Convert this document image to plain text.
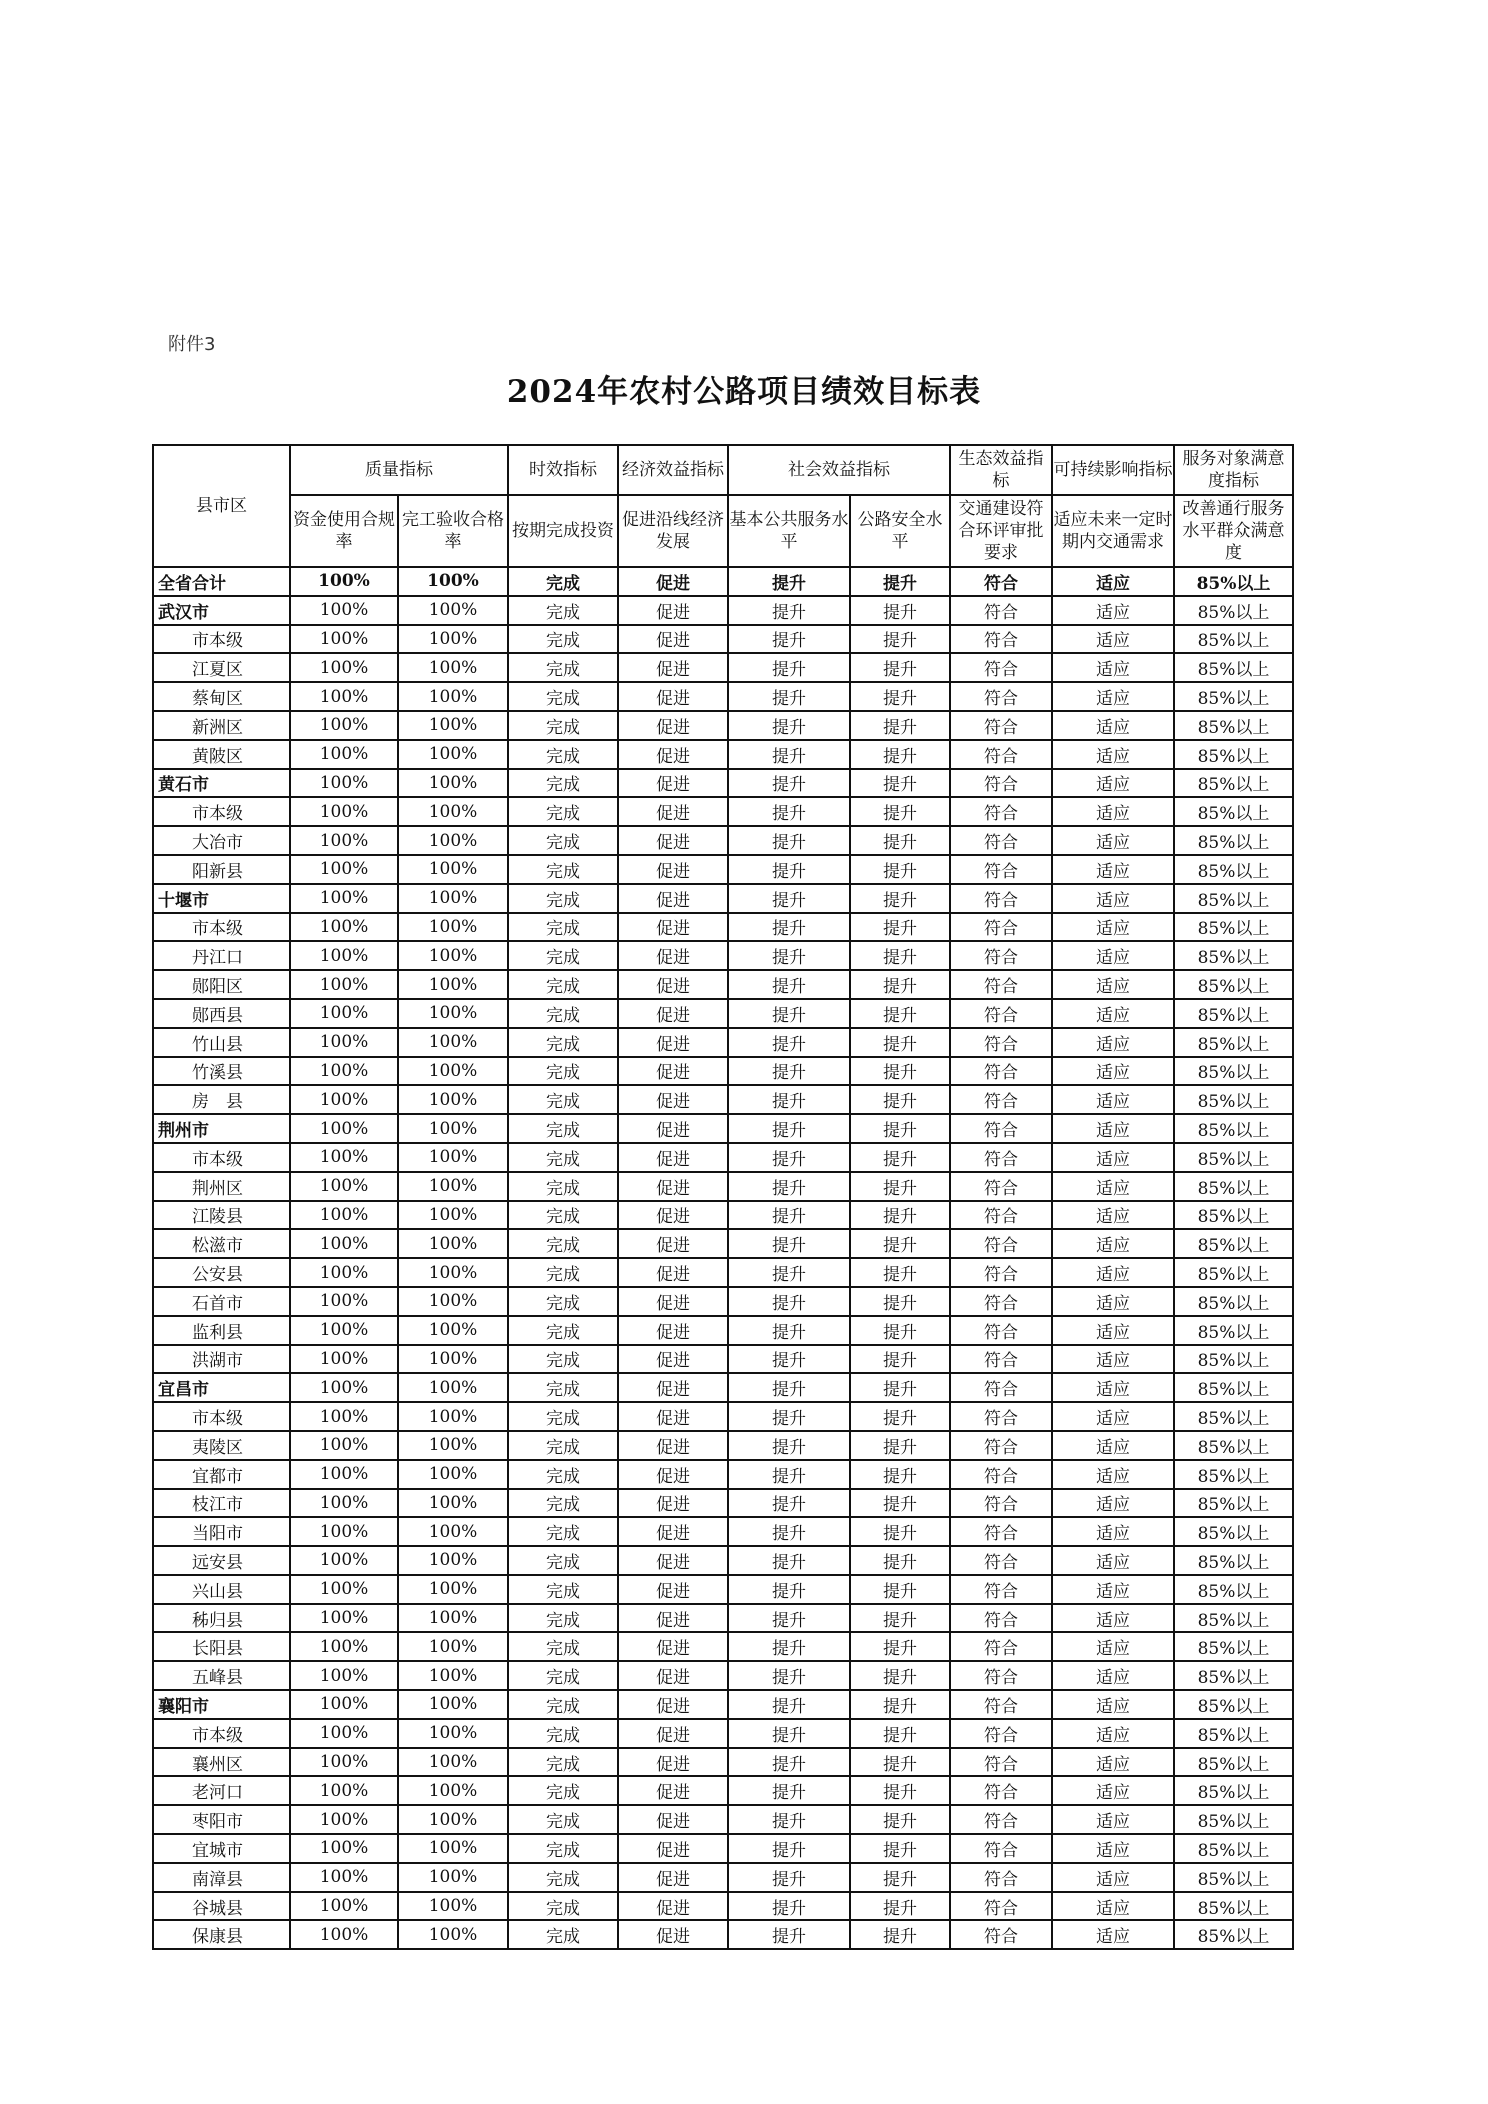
附件3
2024年农村公路项目绩效目标表
县市区	质量指标		时效指标	经济效益指标	社会效益指标		生态效益指标	可持续影响指标	服务对象满意度指标
	资金使用合规率	完工验收合格率	按期完成投资	促进沿线经济发展	基本公共服务水平	公路安全水平	交通建设符合环评审批要求	适应未来一定时期内交通需求	改善通行服务水平群众满意度
全省合计	100%	100%	完成	促进	提升	提升	符合	适应	85%以上
武汉市	100%	100%	完成	促进	提升	提升	符合	适应	85%以上
市本级	100%	100%	完成	促进	提升	提升	符合	适应	85%以上
江夏区	100%	100%	完成	促进	提升	提升	符合	适应	85%以上
蔡甸区	100%	100%	完成	促进	提升	提升	符合	适应	85%以上
新洲区	100%	100%	完成	促进	提升	提升	符合	适应	85%以上
黄陂区	100%	100%	完成	促进	提升	提升	符合	适应	85%以上
黄石市	100%	100%	完成	促进	提升	提升	符合	适应	85%以上
市本级	100%	100%	完成	促进	提升	提升	符合	适应	85%以上
大冶市	100%	100%	完成	促进	提升	提升	符合	适应	85%以上
阳新县	100%	100%	完成	促进	提升	提升	符合	适应	85%以上
十堰市	100%	100%	完成	促进	提升	提升	符合	适应	85%以上
市本级	100%	100%	完成	促进	提升	提升	符合	适应	85%以上
丹江口	100%	100%	完成	促进	提升	提升	符合	适应	85%以上
郧阳区	100%	100%	完成	促进	提升	提升	符合	适应	85%以上
郧西县	100%	100%	完成	促进	提升	提升	符合	适应	85%以上
竹山县	100%	100%	完成	促进	提升	提升	符合	适应	85%以上
竹溪县	100%	100%	完成	促进	提升	提升	符合	适应	85%以上
房　县	100%	100%	完成	促进	提升	提升	符合	适应	85%以上
荆州市	100%	100%	完成	促进	提升	提升	符合	适应	85%以上
市本级	100%	100%	完成	促进	提升	提升	符合	适应	85%以上
荆州区	100%	100%	完成	促进	提升	提升	符合	适应	85%以上
江陵县	100%	100%	完成	促进	提升	提升	符合	适应	85%以上
松滋市	100%	100%	完成	促进	提升	提升	符合	适应	85%以上
公安县	100%	100%	完成	促进	提升	提升	符合	适应	85%以上
石首市	100%	100%	完成	促进	提升	提升	符合	适应	85%以上
监利县	100%	100%	完成	促进	提升	提升	符合	适应	85%以上
洪湖市	100%	100%	完成	促进	提升	提升	符合	适应	85%以上
宜昌市	100%	100%	完成	促进	提升	提升	符合	适应	85%以上
市本级	100%	100%	完成	促进	提升	提升	符合	适应	85%以上
夷陵区	100%	100%	完成	促进	提升	提升	符合	适应	85%以上
宜都市	100%	100%	完成	促进	提升	提升	符合	适应	85%以上
枝江市	100%	100%	完成	促进	提升	提升	符合	适应	85%以上
当阳市	100%	100%	完成	促进	提升	提升	符合	适应	85%以上
远安县	100%	100%	完成	促进	提升	提升	符合	适应	85%以上
兴山县	100%	100%	完成	促进	提升	提升	符合	适应	85%以上
秭归县	100%	100%	完成	促进	提升	提升	符合	适应	85%以上
长阳县	100%	100%	完成	促进	提升	提升	符合	适应	85%以上
五峰县	100%	100%	完成	促进	提升	提升	符合	适应	85%以上
襄阳市	100%	100%	完成	促进	提升	提升	符合	适应	85%以上
市本级	100%	100%	完成	促进	提升	提升	符合	适应	85%以上
襄州区	100%	100%	完成	促进	提升	提升	符合	适应	85%以上
老河口	100%	100%	完成	促进	提升	提升	符合	适应	85%以上
枣阳市	100%	100%	完成	促进	提升	提升	符合	适应	85%以上
宜城市	100%	100%	完成	促进	提升	提升	符合	适应	85%以上
南漳县	100%	100%	完成	促进	提升	提升	符合	适应	85%以上
谷城县	100%	100%	完成	促进	提升	提升	符合	适应	85%以上
保康县	100%	100%	完成	促进	提升	提升	符合	适应	85%以上
